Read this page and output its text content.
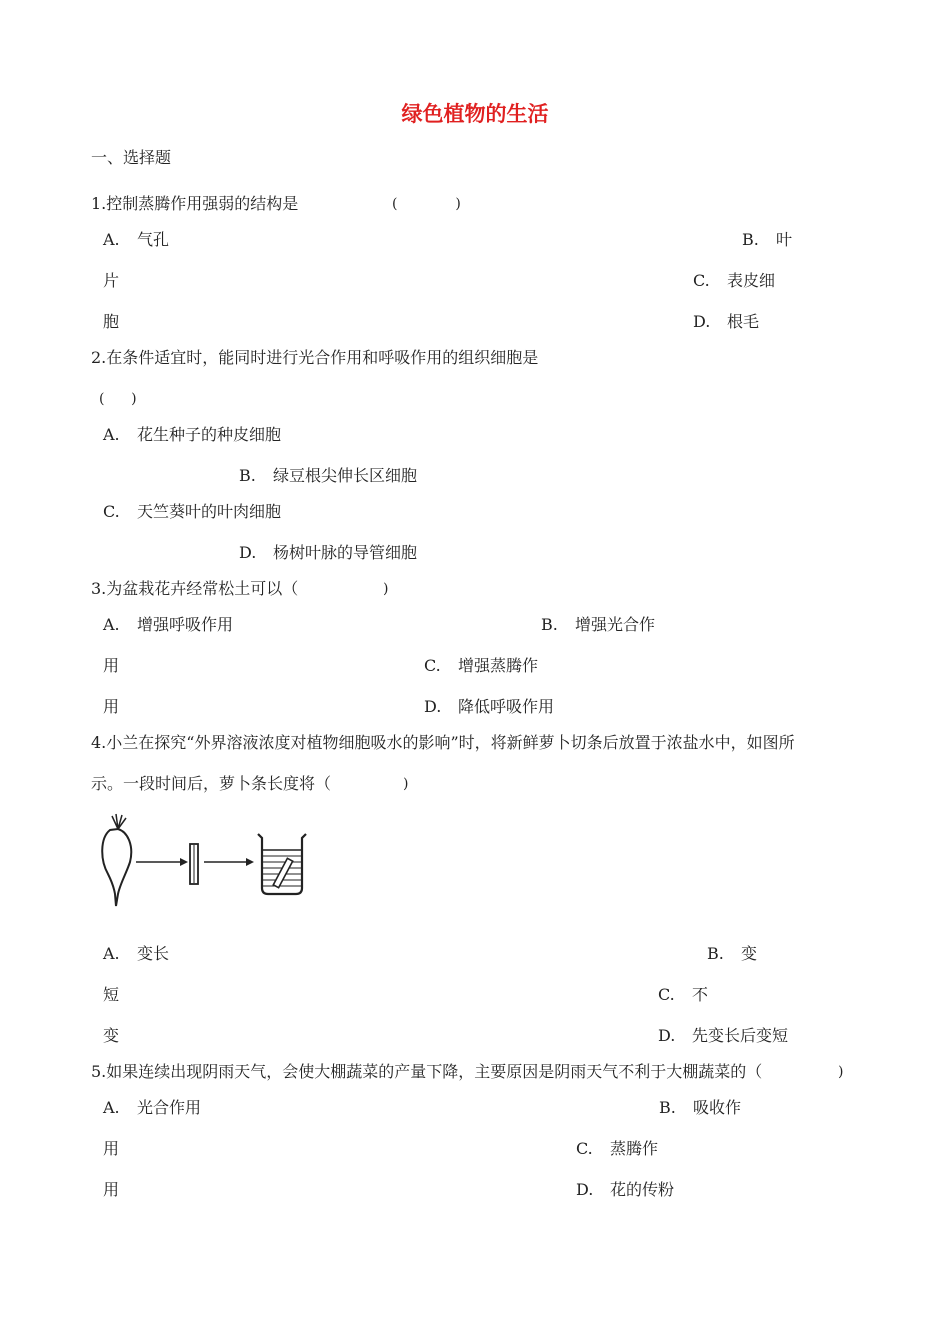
绿色植物的生活
一、选择题
1.控制蒸腾作用强弱的结构是	(             )
A. 气孔	B. 叶
片	C. 表皮细
胞	D. 根毛
2.在条件适宜时，能同时进行光合作用和呼吸作用的组织细胞是
(      )
A. 花生种子的种皮细胞
B. 绿豆根尖伸长区细胞
C. 天竺葵叶的叶肉细胞
D. 杨树叶脉的导管细胞
3.为盆栽花卉经常松土可以（	)
A. 增强呼吸作用	B. 增强光合作
用	C. 增强蒸腾作
用	D. 降低呼吸作用
4.小兰在探究“外界溶液浓度对植物细胞吸水的影响”时，将新鲜萝卜切条后放置于浓盐水中，如图所
示。一段时间后，萝卜条长度将（	)
A. 变长	B. 变
短	C. 不
变	D. 先变长后变短
5.如果连续出现阴雨天气，会使大棚蔬菜的产量下降，主要原因是阴雨天气不利于大棚蔬菜的（	)
A. 光合作用	B. 吸收作
用	C. 蒸腾作
用	D. 花的传粉
